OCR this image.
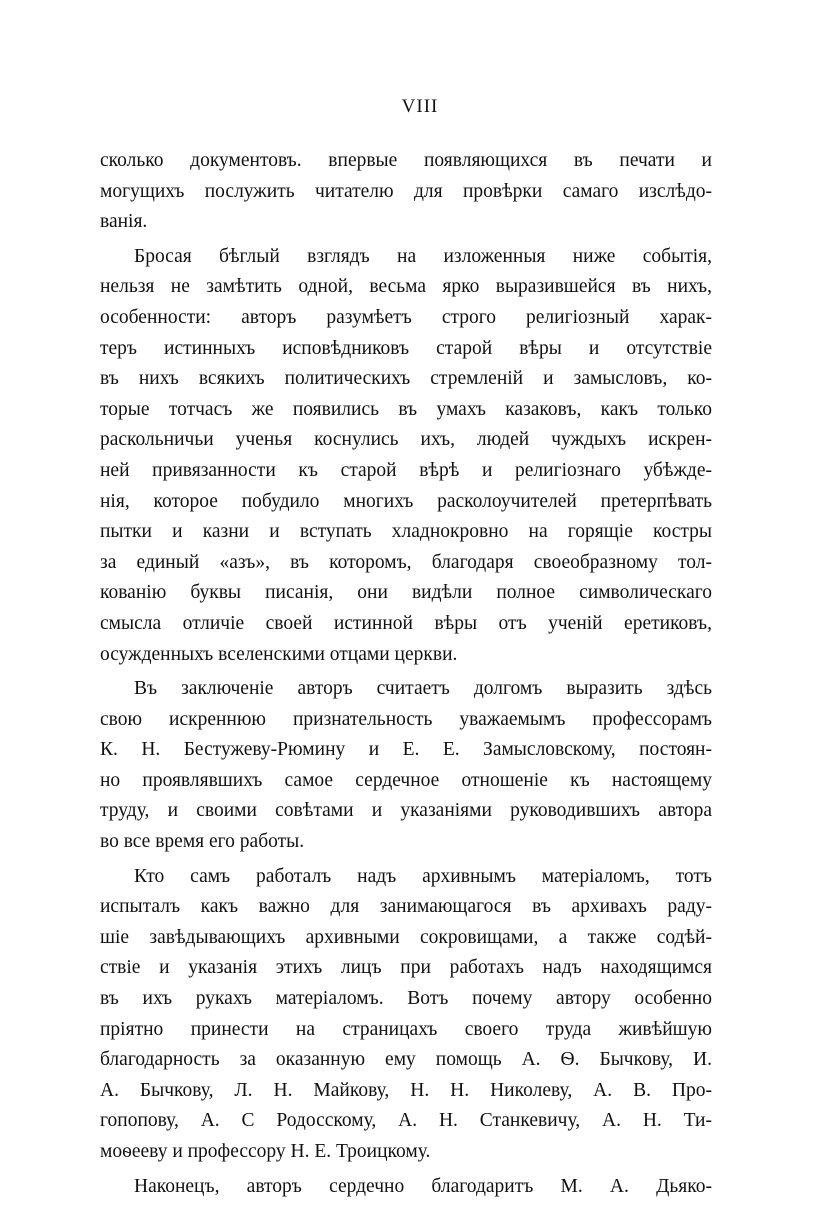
VIII
сколько документовъ. впервые появляющихся въ печати и
могущихъ послужить читателю для провѣрки самаго изслѣдо-
ванія.
Бросая бѣглый взглядъ на изложенныя ниже событія,
нельзя не замѣтить одной, весьма ярко выразившейся въ нихъ,
особенности: авторъ разумѣетъ строго религіозный харак-
теръ истинныхъ исповѣдниковъ старой вѣры и отсутствіе
въ нихъ всякихъ политическихъ стремленій и замысловъ, ко-
торые тотчасъ же появились въ умахъ казаковъ, какъ только
раскольничьи ученья коснулись ихъ, людей чуждыхъ искрен-
ней привязанности къ старой вѣрѣ и религіознаго убѣжде-
нія, которое побудило многихъ расколоучителей претерпѣвать
пытки и казни и вступать хладнокровно на горящіе костры
за единый «азъ», въ которомъ, благодаря своеобразному тол-
кованію буквы писанія, они видѣли полное символическаго
смысла отличіе своей истинной вѣры отъ ученій еретиковъ,
осужденныхъ вселенскими отцами церкви.
Въ заключеніе авторъ считаетъ долгомъ выразить здѣсь
свою искреннюю признательность уважаемымъ профессорамъ
К. Н. Бестужеву-Рюмину и Е. Е. Замысловскому, постоян-
но проявлявшихъ самое сердечное отношеніе къ настоящему
труду, и своими совѣтами и указаніями руководившихъ автора
во все время его работы.
Кто самъ работалъ надъ архивнымъ матеріаломъ, тотъ
испыталъ какъ важно для занимающагося въ архивахъ раду-
шіе завѣдывающихъ архивными сокровищами, а также содѣй-
ствіе и указанія этихъ лицъ при работахъ надъ находящимся
въ ихъ рукахъ матеріаломъ. Вотъ почему автору особенно
пріятно принести на страницахъ своего труда живѣйшую
благодарность за оказанную ему помощь А. Ѳ. Бычкову, И.
А. Бычкову, Л. Н. Майкову, Н. Н. Николеву, А. В. Про-
гопопову, А. С Родосскому, А. Н. Станкевичу, А. Н. Ти-
моѳееву и профессору Н. Е. Троицкому.
Наконецъ, авторъ сердечно благодаритъ М. А. Дьяко-
